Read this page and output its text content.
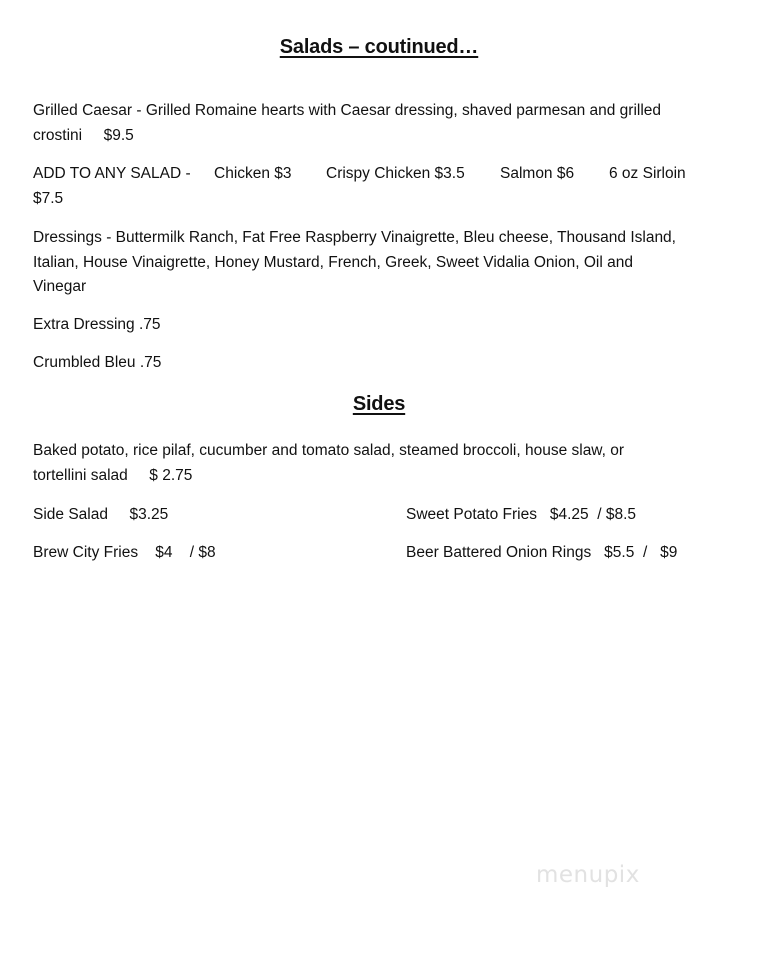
Salads – coutinued…
Grilled Caesar - Grilled Romaine hearts with Caesar dressing, shaved parmesan and grilled
crostini     $9.5
ADD TO ANY SALAD - Chicken $3 Crispy Chicken $3.5 Salmon $6 6 oz Sirloin
$7.5
Dressings - Buttermilk Ranch, Fat Free Raspberry Vinaigrette, Bleu cheese, Thousand Island,
Italian, House Vinaigrette, Honey Mustard, French, Greek, Sweet Vidalia Onion, Oil and
Vinegar
Extra Dressing .75
Crumbled Bleu .75
Sides
Baked potato, rice pilaf, cucumber and tomato salad, steamed broccoli, house slaw, or
tortellini salad     $ 2.75
Side Salad     $3.25	Sweet Potato Fries   $4.25  / $8.5
Brew City Fries    $4    / $8	Beer Battered Onion Rings   $5.5  /   $9
menupix
